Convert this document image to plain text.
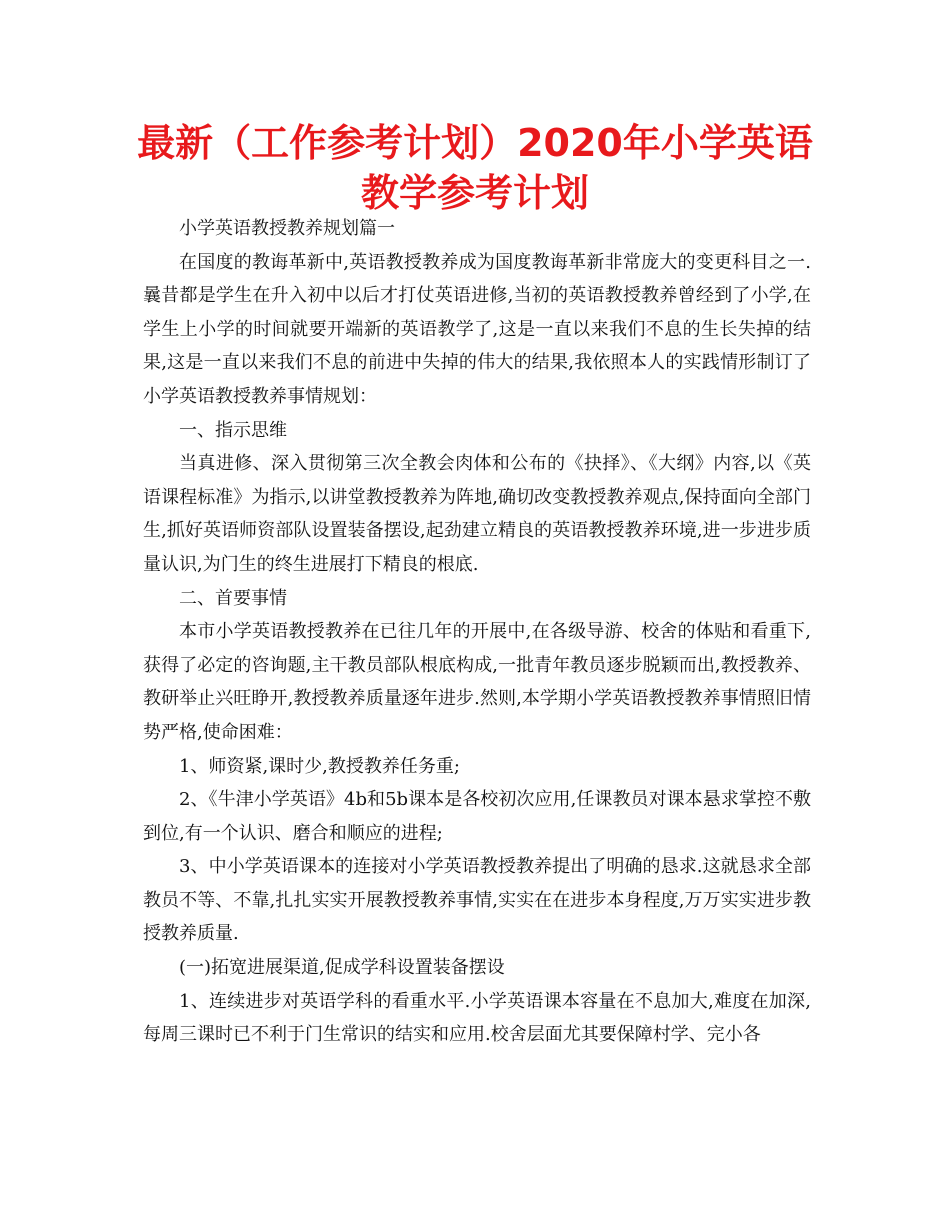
最新（工作参考计划）2020年小学英语教学参考计划

小学英语教授教养规划篇一

在国度的教诲革新中,英语教授教养成为国度教诲革新非常庞大的变更科目之一.曩昔都是学生在升入初中以后才打仗英语进修,当初的英语教授教养曾经到了小学,在学生上小学的时间就要开端新的英语教学了,这是一直以来我们不息的生长失掉的结果,这是一直以来我们不息的前进中失掉的伟大的结果,我依照本人的实践情形制订了小学英语教授教养事情规划：

一、指示思维

当真进修、深入贯彻第三次全教会肉体和公布的《抉择》、《大纲》内容,以《英语课程标准》为指示,以讲堂教授教养为阵地,确切改变教授教养观点,保持面向全部门生,抓好英语师资部队设置装备摆设,起劲建立精良的英语教授教养环境,进一步进步质量认识,为门生的终生进展打下精良的根底.

二、首要事情

本市小学英语教授教养在已往几年的开展中,在各级导游、校舍的体贴和看重下,获得了必定的咨询题,主干教员部队根底构成,一批青年教员逐步脱颖而出,教授教养、教研举止兴旺睁开,教授教养质量逐年进步.然则,本学期小学英语教授教养事情照旧情势严格,使命困难：

1、师资紧,课时少,教授教养任务重;

2、《牛津小学英语》4b和5b课本是各校初次应用,任课教员对课本悬求掌控不敷到位,有一个认识、磨合和顺应的进程;

3、中小学英语课本的连接对小学英语教授教养提出了明确的恳求.这就恳求全部教员不等、不靠,扎扎实实开展教授教养事情,实实在在进步本身程度,万万实实进步教授教养质量.

(一)拓宽进展渠道,促成学科设置装备摆设

1、连续进步对英语学科的看重水平.小学英语课本容量在不息加大,难度在加深,每周三课时已不利于门生常识的结实和应用.校舍层面尤其要保障村学、完小各
